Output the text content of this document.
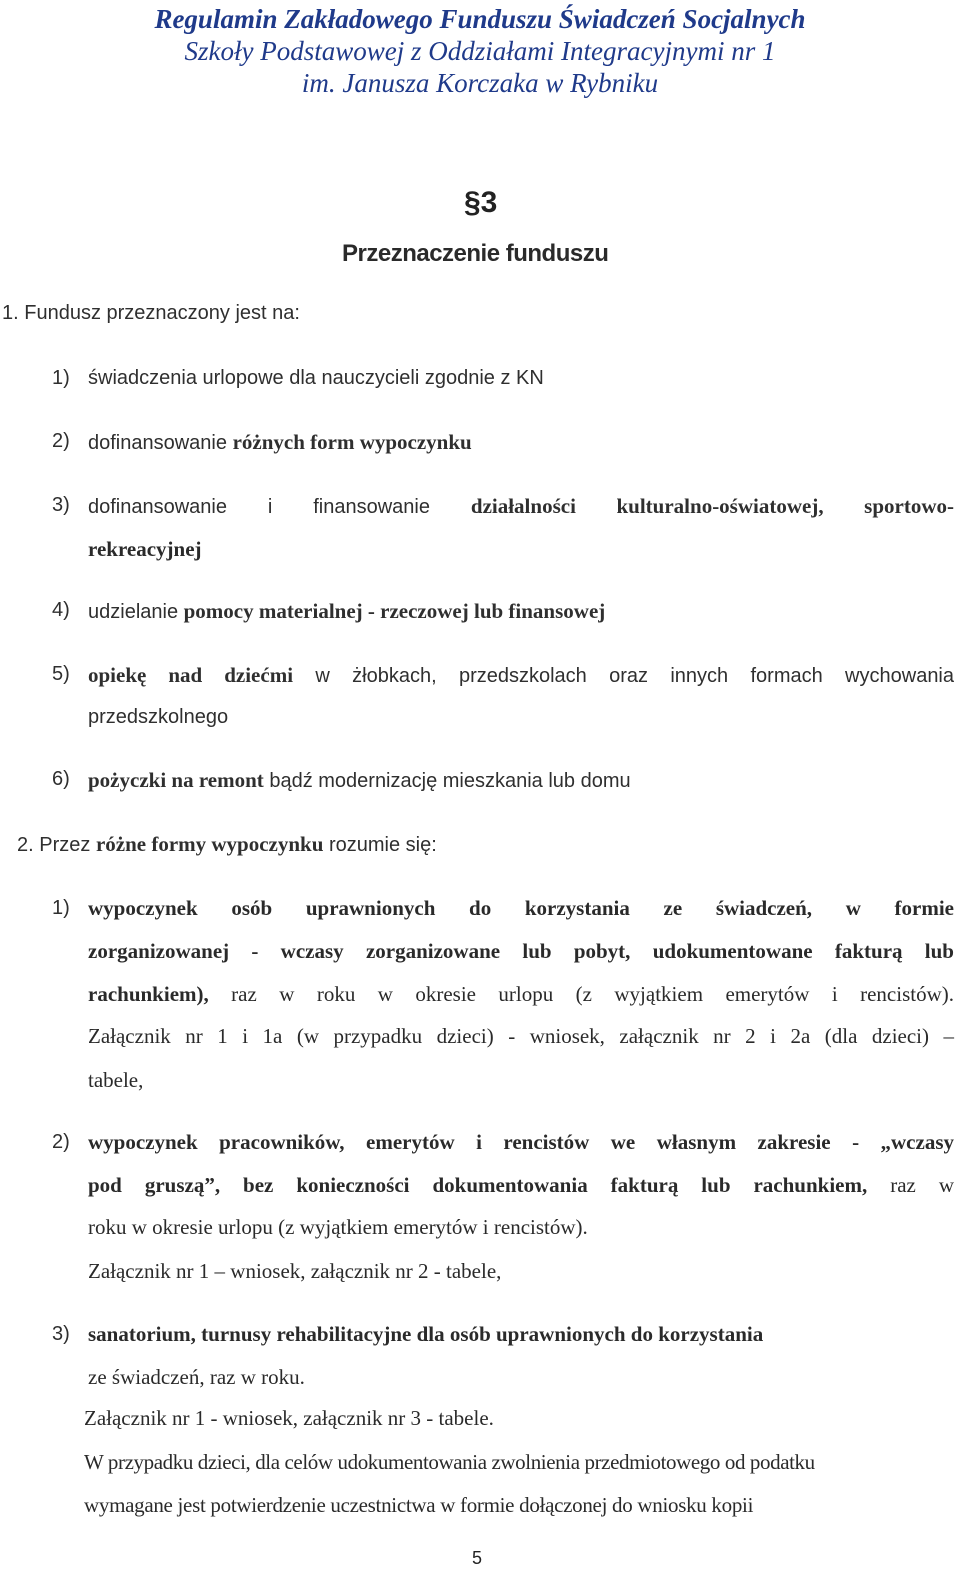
Regulamin Zakładowego Funduszu Świadczeń Socjalnych
Szkoły Podstawowej z Oddziałami Integracyjnymi nr 1
im. Janusza Korczaka w Rybniku
§3
Przeznaczenie funduszu
1. Fundusz przeznaczony jest na:
1) świadczenia urlopowe dla nauczycieli zgodnie z KN
2) dofinansowanie różnych form wypoczynku
3) dofinansowanie i finansowanie działalności kulturalno-oświatowej, sportowo-
rekreacyjnej
4) udzielanie pomocy materialnej - rzeczowej lub finansowej
5) opiekę nad dziećmi w żłobkach, przedszkolach oraz innych formach wychowania
przedszkolnego
6) pożyczki na remont bądź modernizację mieszkania lub domu
2. Przez różne formy wypoczynku rozumie się:
1) wypoczynek osób uprawnionych do korzystania ze świadczeń, w formie
zorganizowanej - wczasy zorganizowane lub pobyt, udokumentowane fakturą lub
rachunkiem), raz w roku w okresie urlopu (z wyjątkiem emerytów i rencistów).
Załącznik nr 1 i 1a (w przypadku dzieci) - wniosek, załącznik nr 2 i 2a (dla dzieci) –
tabele,
2) wypoczynek pracowników, emerytów i rencistów we własnym zakresie - „wczasy
pod gruszą”, bez konieczności dokumentowania fakturą lub rachunkiem, raz w
roku w okresie urlopu (z wyjątkiem emerytów i rencistów).
Załącznik nr 1 – wniosek, załącznik nr 2 - tabele,
3) sanatorium, turnusy rehabilitacyjne dla osób uprawnionych do korzystania
ze świadczeń, raz w roku.
Załącznik nr 1 - wniosek, załącznik nr 3 - tabele.
W przypadku dzieci, dla celów udokumentowania zwolnienia przedmiotowego od podatku
wymagane jest potwierdzenie uczestnictwa w formie dołączonej do wniosku kopii
5
